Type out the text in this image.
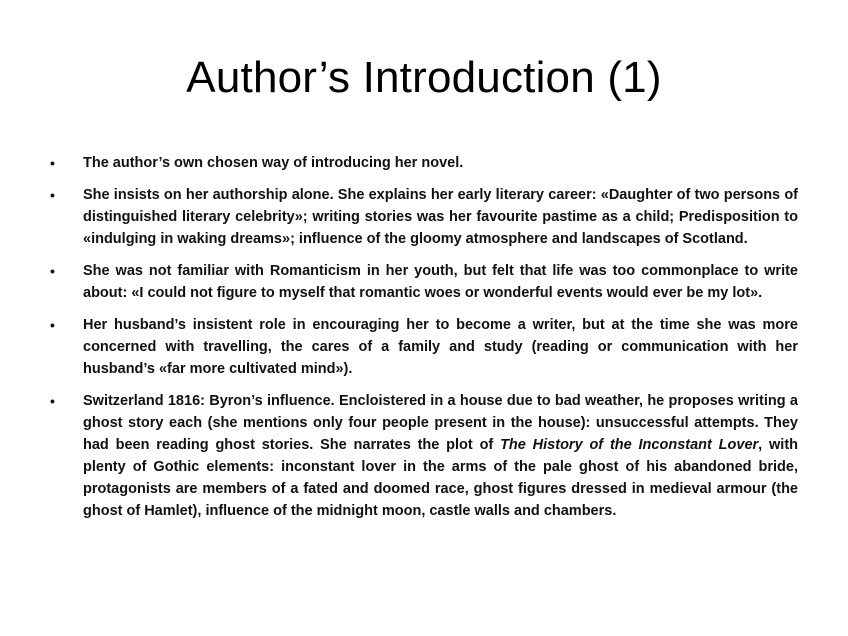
Author’s Introduction (1)
•	The author’s own chosen way of introducing her novel.
•	She insists on her authorship alone. She explains her early literary career: «Daughter of two persons of distinguished literary celebrity»; writing stories was her favourite pastime as a child; Predisposition to «indulging in waking dreams»; influence of the gloomy atmosphere and landscapes of Scotland.
•	She was not familiar with Romanticism in her youth, but felt that life was too commonplace to write about: «I could not figure to myself that romantic woes or wonderful events would ever be my lot».
•	Her husband’s insistent role in encouraging her to become a writer, but at the time she was more concerned with travelling, the cares of a family and study (reading or communication with her husband’s «far more cultivated mind»).
•	Switzerland 1816: Byron’s influence. Encloistered in a house due to bad weather, he proposes writing a ghost story each (she mentions only four people present in the house): unsuccessful attempts. They had been reading ghost stories. She narrates the plot of The History of the Inconstant Lover, with plenty of Gothic elements: inconstant lover in the arms of the pale ghost of his abandoned bride, protagonists are members of a fated and doomed race, ghost figures dressed in medieval armour (the ghost of Hamlet), influence of the midnight moon, castle walls and chambers.
